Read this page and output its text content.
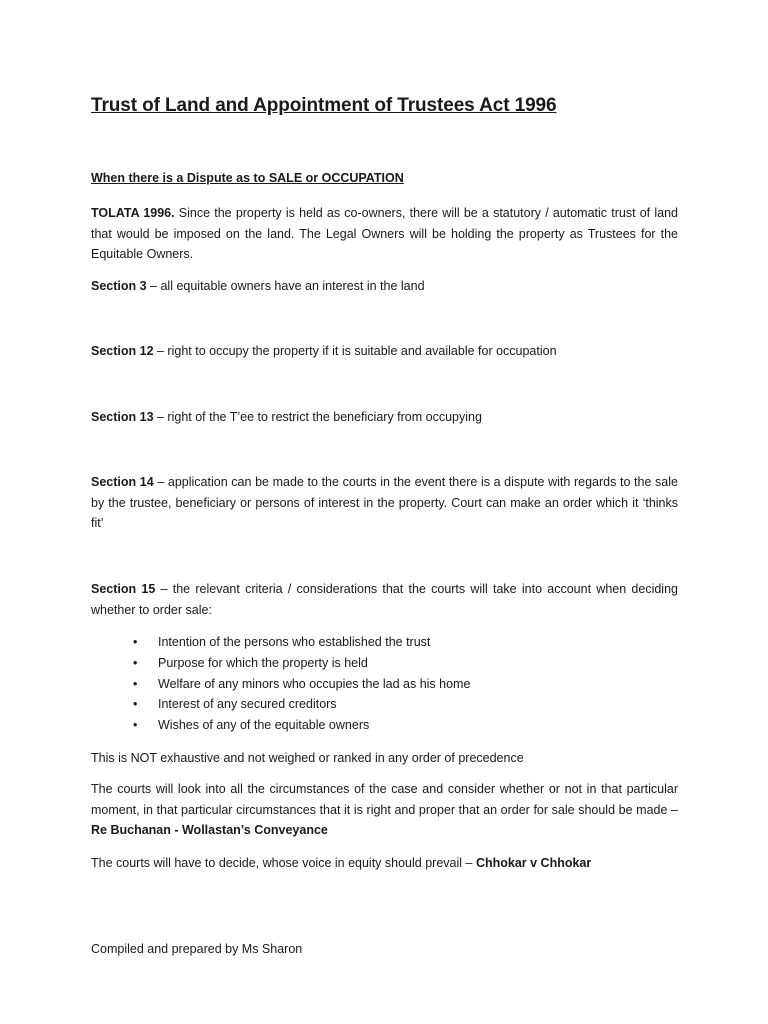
Trust of Land and Appointment of Trustees Act 1996
When there is a Dispute as to SALE or OCCUPATION

TOLATA 1996. Since the property is held as co-owners, there will be a statutory / automatic trust of land that would be imposed on the land. The Legal Owners will be holding the property as Trustees for the Equitable Owners.

Section 3 – all equitable owners have an interest in the land

Section 12 – right to occupy the property if it is suitable and available for occupation

Section 13 – right of the T’ee to restrict the beneficiary from occupying

Section 14 – application can be made to the courts in the event there is a dispute with regards to the sale by the trustee, beneficiary or persons of interest in the property. Court can make an order which it ‘thinks fit’

Section 15 – the relevant criteria / considerations that the courts will take into account when deciding whether to order sale:

• Intention of the persons who established the trust
• Purpose for which the property is held
• Welfare of any minors who occupies the lad as his home
• Interest of any secured creditors
• Wishes of any of the equitable owners

This is NOT exhaustive and not weighed or ranked in any order of precedence

The courts will look into all the circumstances of the case and consider whether or not in that particular moment, in that particular circumstances that it is right and proper that an order for sale should be made – Re Buchanan - Wollastan’s Conveyance

The courts will have to decide, whose voice in equity should prevail – Chhokar v Chhokar

Compiled and prepared by Ms Sharon
